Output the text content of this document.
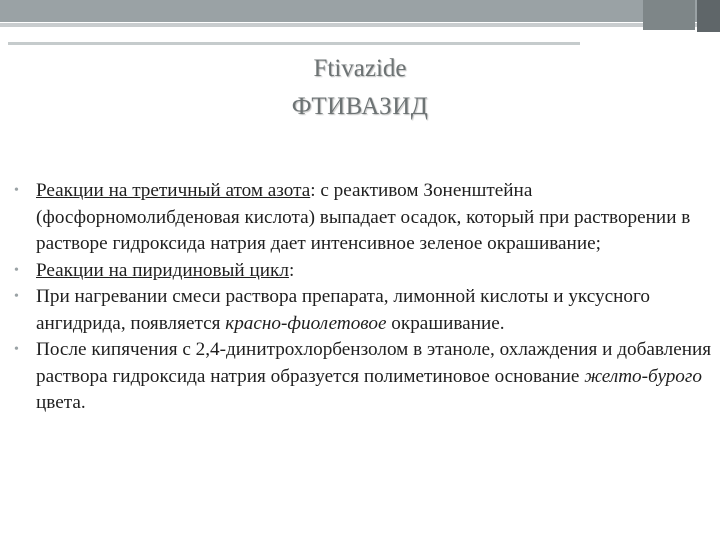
Ftivazide
ФТИВАЗИД
• Реакции на третичный атом азота: с реактивом Зоненштейна (фосфорномолибденовая кислота) выпадает осадок, который при растворении в растворе гидроксида натрия дает интенсивное зеленое окрашивание;
• Реакции на пиридиновый цикл:
• При нагревании смеси раствора препарата, лимонной кислоты и уксусного ангидрида, появляется красно-фиолетовое окрашивание.
• После кипячения с 2,4-динитрохлорбензолом в этаноле, охлаждения и добавления раствора гидроксида натрия образуется полиметиновое основание желто-бурого цвета.
